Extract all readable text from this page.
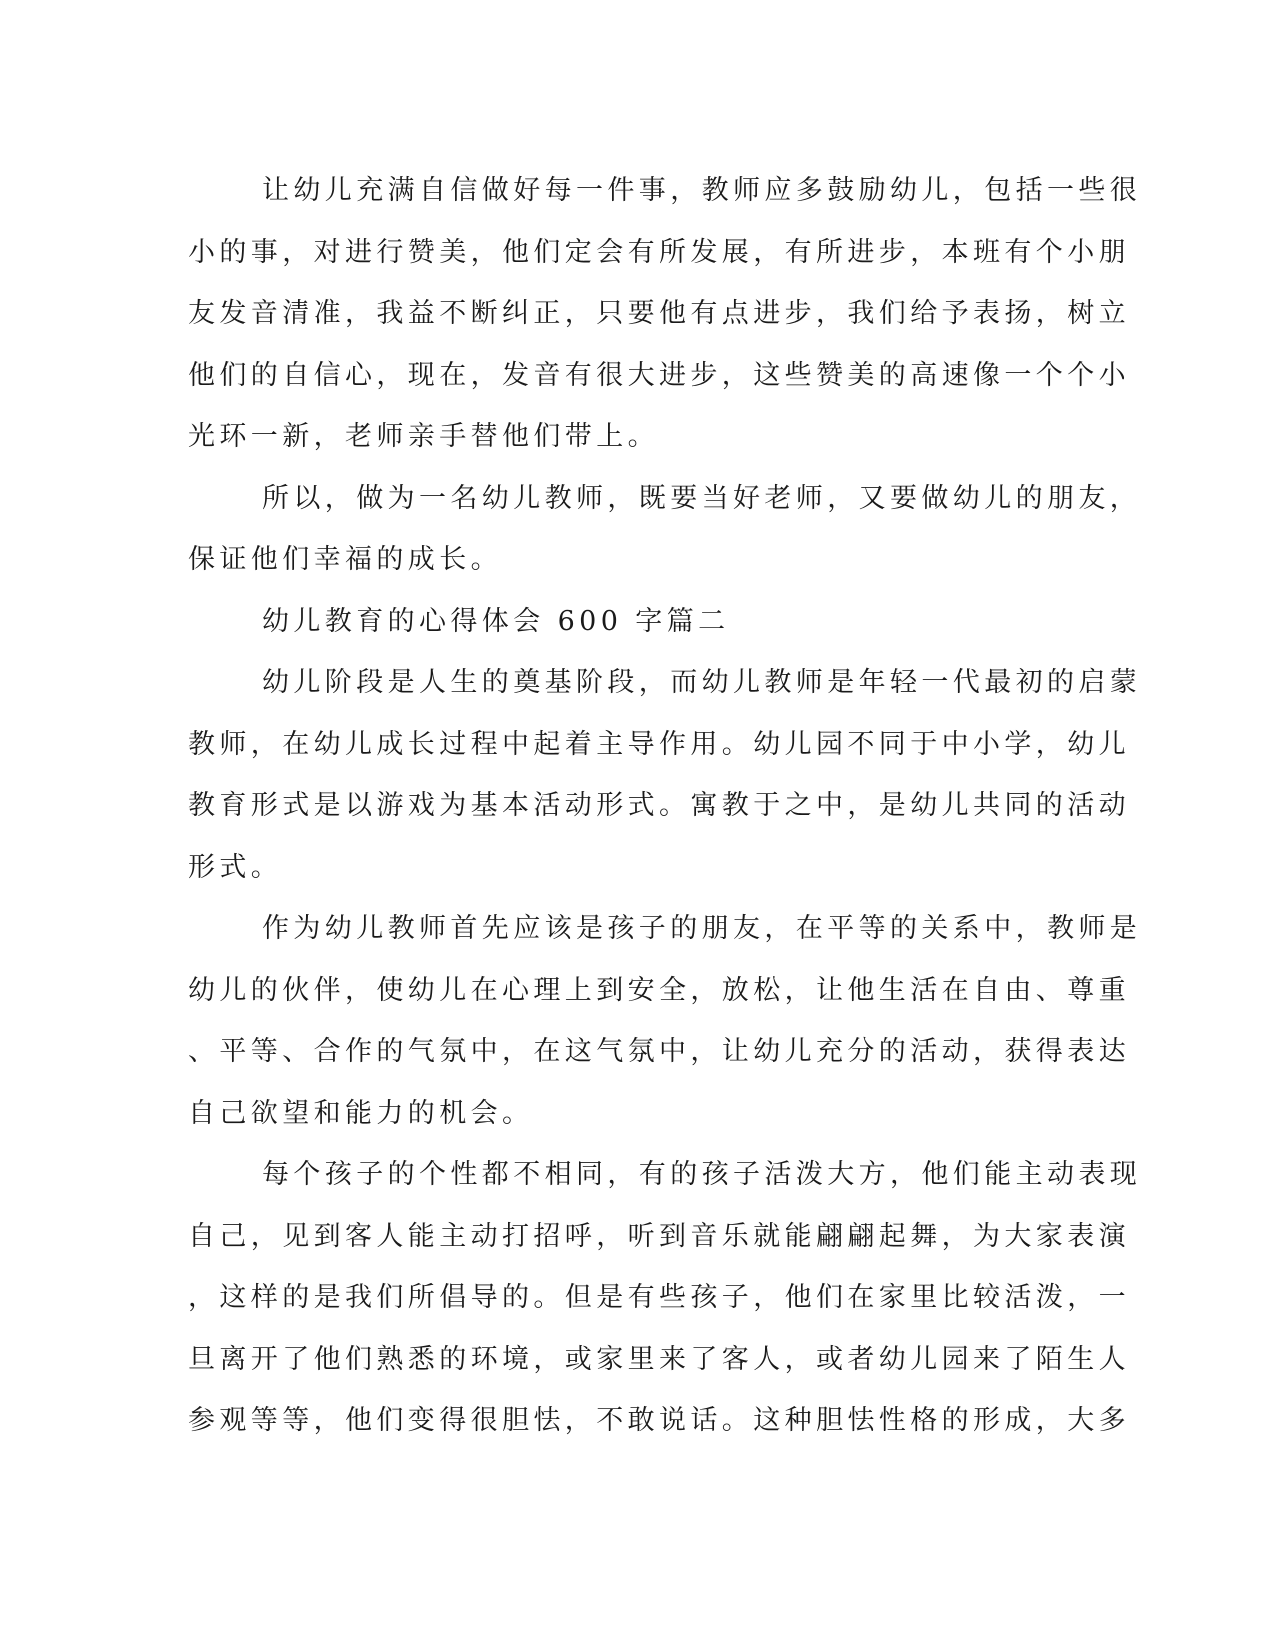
让幼儿充满自信做好每一件事，教师应多鼓励幼儿，包括一些很
小的事，对进行赞美，他们定会有所发展，有所进步，本班有个小朋
友发音清准，我益不断纠正，只要他有点进步，我们给予表扬，树立
他们的自信心，现在，发音有很大进步，这些赞美的高速像一个个小
光环一新，老师亲手替他们带上。
所以，做为一名幼儿教师，既要当好老师，又要做幼儿的朋友，
保证他们幸福的成长。
幼儿教育的心得体会 600 字篇二
幼儿阶段是人生的奠基阶段，而幼儿教师是年轻一代最初的启蒙
教师，在幼儿成长过程中起着主导作用。幼儿园不同于中小学，幼儿
教育形式是以游戏为基本活动形式。寓教于之中，是幼儿共同的活动
形式。
作为幼儿教师首先应该是孩子的朋友，在平等的关系中，教师是
幼儿的伙伴，使幼儿在心理上到安全，放松，让他生活在自由、尊重
、平等、合作的气氛中，在这气氛中，让幼儿充分的活动，获得表达
自己欲望和能力的机会。
每个孩子的个性都不相同，有的孩子活泼大方，他们能主动表现
自己，见到客人能主动打招呼，听到音乐就能翩翩起舞，为大家表演
，这样的是我们所倡导的。但是有些孩子，他们在家里比较活泼，一
旦离开了他们熟悉的环境，或家里来了客人，或者幼儿园来了陌生人
参观等等，他们变得很胆怯，不敢说话。这种胆怯性格的形成，大多
